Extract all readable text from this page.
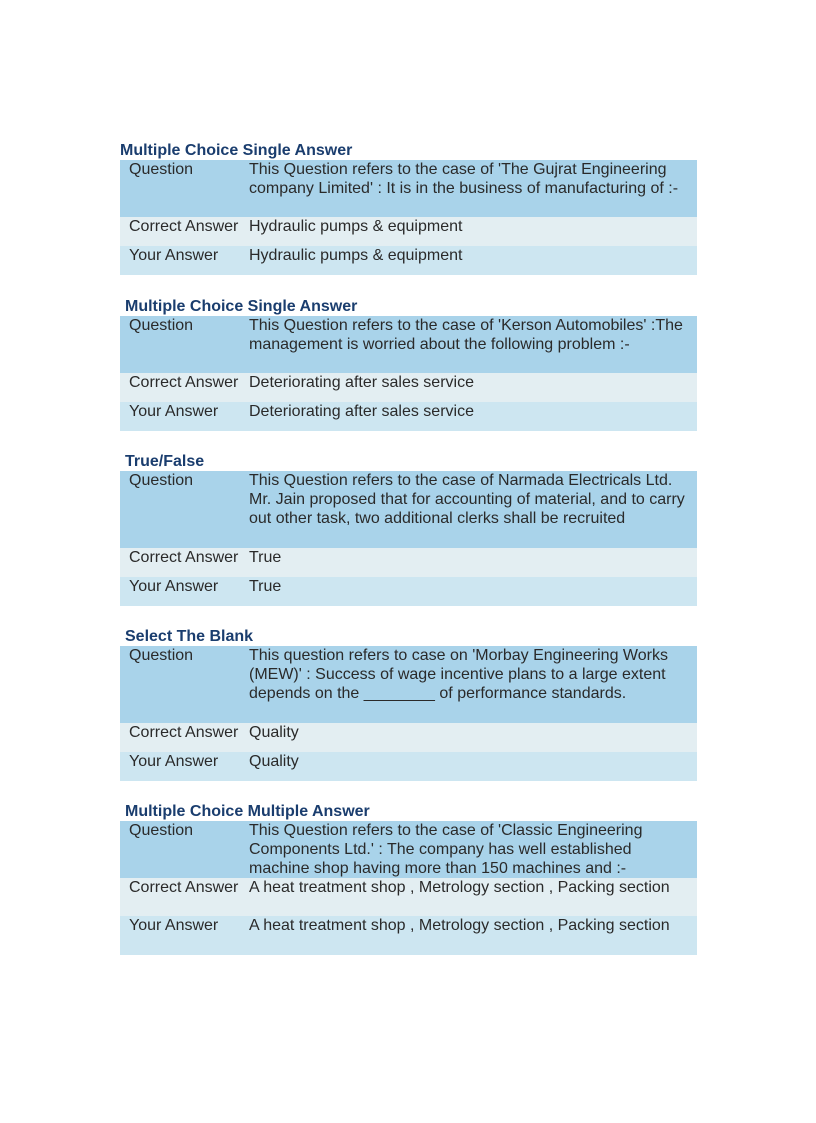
Multiple Choice Single Answer
Question	This Question refers to the case of 'The Gujrat Engineering company Limited' : It is in the business of manufacturing of :-
Correct Answer Hydraulic pumps & equipment
Your Answer	Hydraulic pumps & equipment
Multiple Choice Single Answer
Question	This Question refers to the case of 'Kerson Automobiles' :The management is worried about the following problem :-
Correct Answer Deteriorating after sales service
Your Answer	Deteriorating after sales service
True/False
Question	This Question refers to the case of Narmada Electricals Ltd. Mr. Jain proposed that for accounting of material, and to carry out other task, two additional clerks shall be recruited
Correct Answer True
Your Answer	True
Select The Blank
Question	This question refers to case on 'Morbay Engineering Works (MEW)' : Success of wage incentive plans to a large extent depends on the ________ of performance standards.
Correct Answer Quality
Your Answer	Quality
Multiple Choice Multiple Answer
Question	This Question refers to the case of 'Classic Engineering Components Ltd.' : The company has well established machine shop having more than 150 machines and :-
Correct Answer A heat treatment shop , Metrology section , Packing section
Your Answer	A heat treatment shop , Metrology section , Packing section
